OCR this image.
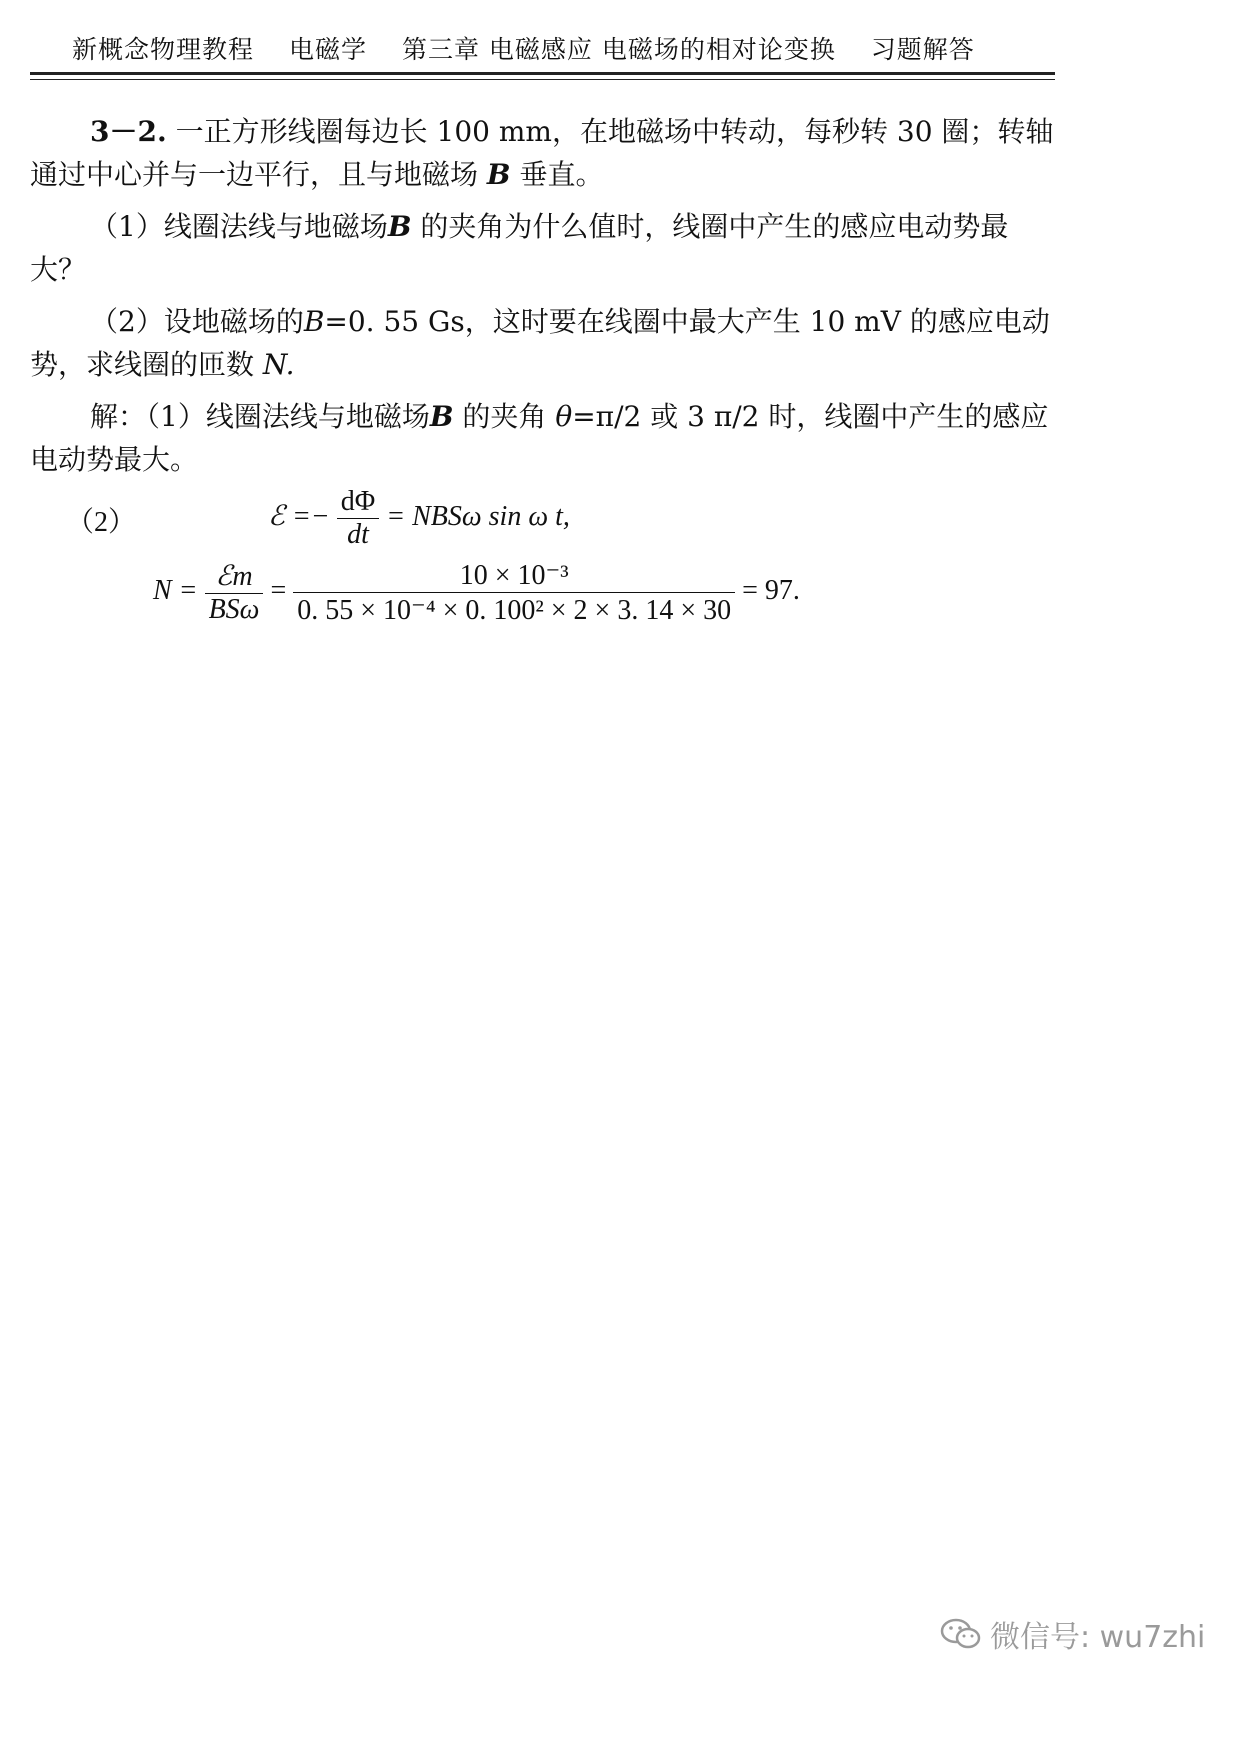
新概念物理教程 电磁学 第三章 电磁感应 电磁场的相对论变换 习题解答

3－2. 一正方形线圈每边长 100 mm，在地磁场中转动，每秒转 30 圈；转轴通过中心并与一边平行，且与地磁场 B 垂直。

（1）线圈法线与地磁场B 的夹角为什么值时，线圈中产生的感应电动势最大？

（2）设地磁场的B=0. 55 Gs，这时要在线圈中最大产生 10 mV 的感应电动势，求线圈的匝数 N.

解：（1）线圈法线与地磁场B 的夹角 θ=π/2 或 3 π/2 时，线圈中产生的感应电动势最大。

（2）	ℰ =− $\frac{d\Phi}{dt} = NBS\omega$ sin ω t,
$N = \frac{\text{ℰm}}{\text{BSω}} = \frac{\text{10 × 10⁻³}}{\text{0. 55 × 10⁻⁴ × 0. 100² × 2 × 3. 14 × 30}} = 97$.
微信号: wu7zhi
